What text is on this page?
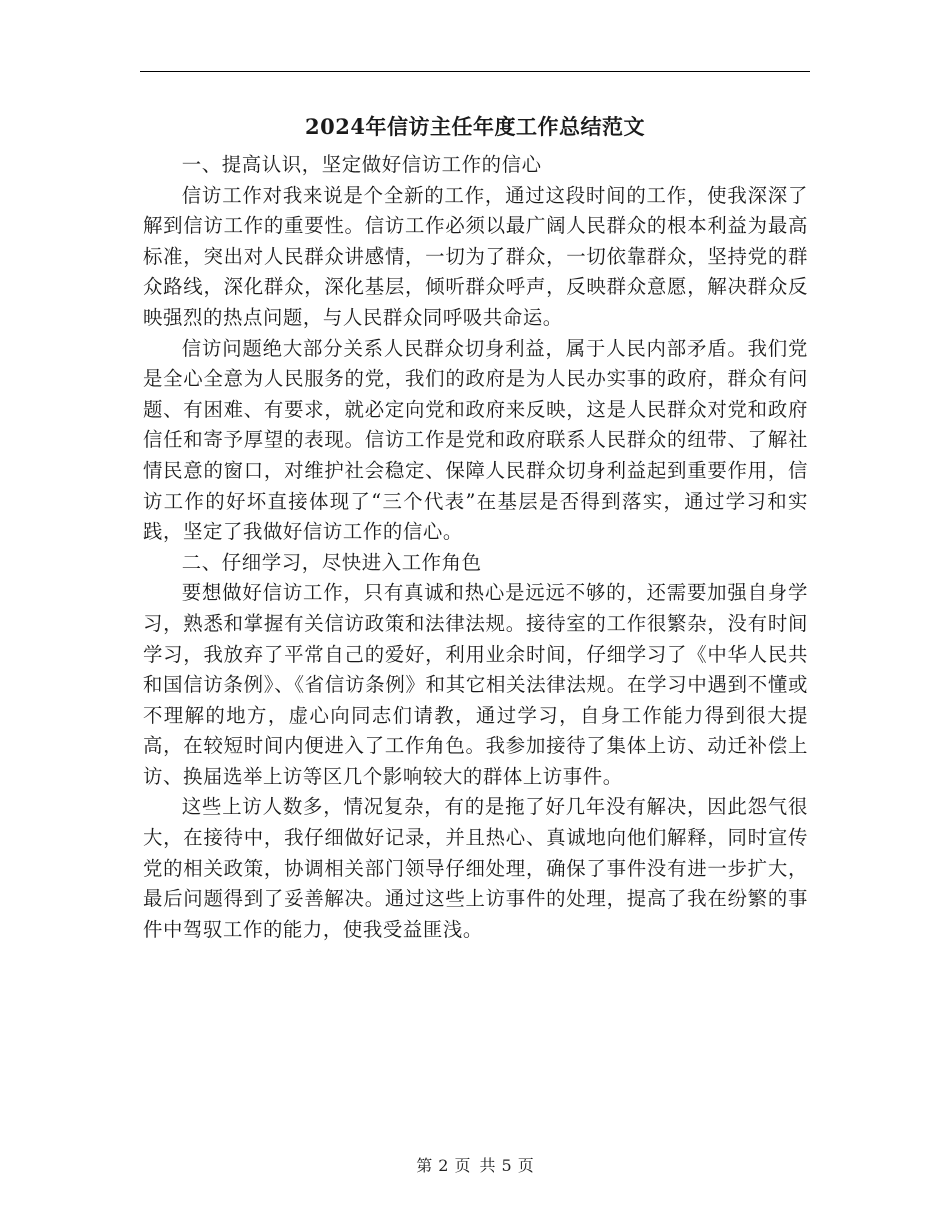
2024年信访主任年度工作总结范文

一、提高认识，坚定做好信访工作的信心

信访工作对我来说是个全新的工作，通过这段时间的工作，使我深深了解到信访工作的重要性。信访工作必须以最广阔人民群众的根本利益为最高标准，突出对人民群众讲感情，一切为了群众，一切依靠群众，坚持党的群众路线，深化群众，深化基层，倾听群众呼声，反映群众意愿，解决群众反映强烈的热点问题，与人民群众同呼吸共命运。

信访问题绝大部分关系人民群众切身利益，属于人民内部矛盾。我们党是全心全意为人民服务的党，我们的政府是为人民办实事的政府，群众有问题、有困难、有要求，就必定向党和政府来反映，这是人民群众对党和政府信任和寄予厚望的表现。信访工作是党和政府联系人民群众的纽带、了解社情民意的窗口，对维护社会稳定、保障人民群众切身利益起到重要作用，信访工作的好坏直接体现了“三个代表”在基层是否得到落实，通过学习和实践，坚定了我做好信访工作的信心。

二、仔细学习，尽快进入工作角色

要想做好信访工作，只有真诚和热心是远远不够的，还需要加强自身学习，熟悉和掌握有关信访政策和法律法规。接待室的工作很繁杂，没有时间学习，我放弃了平常自己的爱好，利用业余时间，仔细学习了《中华人民共和国信访条例》、《省信访条例》和其它相关法律法规。在学习中遇到不懂或不理解的地方，虚心向同志们请教，通过学习，自身工作能力得到很大提高，在较短时间内便进入了工作角色。我参加接待了集体上访、动迁补偿上访、换届选举上访等区几个影响较大的群体上访事件。

这些上访人数多，情况复杂，有的是拖了好几年没有解决，因此怨气很大，在接待中，我仔细做好记录，并且热心、真诚地向他们解释，同时宣传党的相关政策，协调相关部门领导仔细处理，确保了事件没有进一步扩大，最后问题得到了妥善解决。通过这些上访事件的处理，提高了我在纷繁的事件中驾驭工作的能力，使我受益匪浅。

第 2 页 共 5 页
